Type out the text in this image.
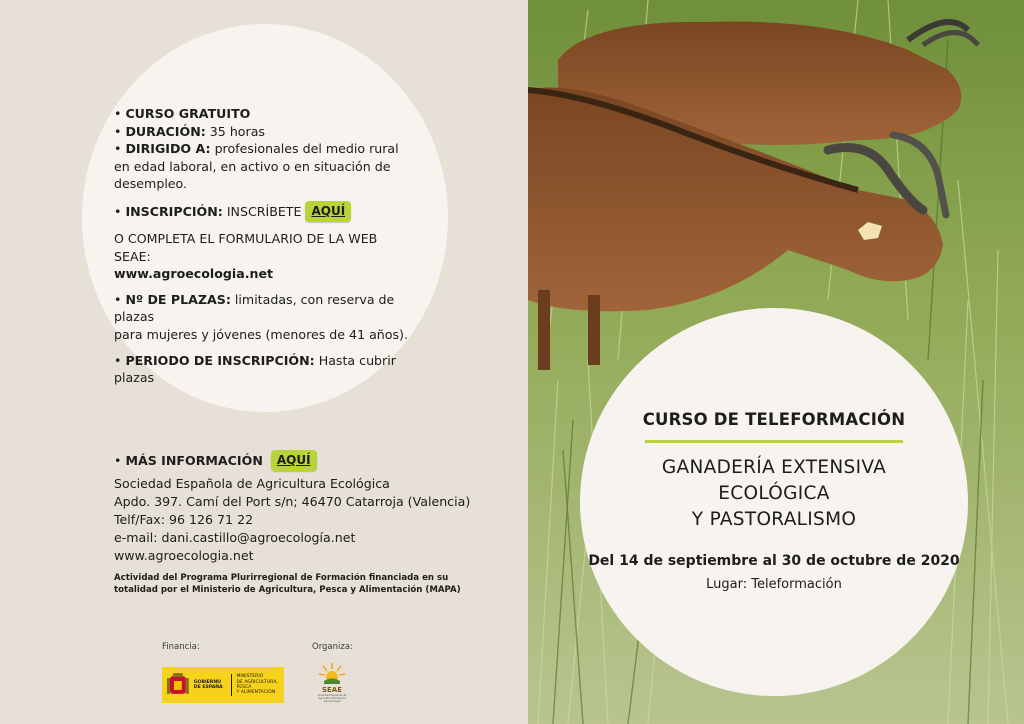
• CURSO GRATUITO

• DURACIÓN: 35 horas

• DIRIGIDO A: profesionales del medio rural

en edad laboral, en activo o en situación de

desempleo.

• INSCRIPCIÓN: INSCRÍBETE AQUÍ

O COMPLETA EL FORMULARIO DE LA WEB SEAE:

www.agroecologia.net

• Nº DE PLAZAS: limitadas, con reserva de plazas

para mujeres y jóvenes (menores de 41 años).

• PERIODO DE INSCRIPCIÓN: Hasta cubrir plazas

• MÁS INFORMACIÓN AQUÍ

Sociedad Española de Agricultura Ecológica

Apdo. 397. Camí del Port s/n; 46470 Catarroja (Valencia)

Telf/Fax: 96 126 71 22

e-mail: dani.castillo@agroecología.net

www.agroecologia.net

Actividad del Programa Plurirregional de Formación financiada en su
totalidad por el Ministerio de Agricultura, Pesca y Alimentación (MAPA)
Financia:	Organiza:
GOBIERNO
DE ESPAÑA
MINISTERIO
DE AGRICULTURA, PESCA
Y ALIMENTACIÓN	SEAE
Sociedad Española de
Agricultura Ecológica
Agroecología
CURSO DE TELEFORMACIÓN
GANADERÍA EXTENSIVA
ECOLÓGICA
Y PASTORALISMO
Del 14 de septiembre al 30 de octubre de 2020
Lugar: Teleformación
